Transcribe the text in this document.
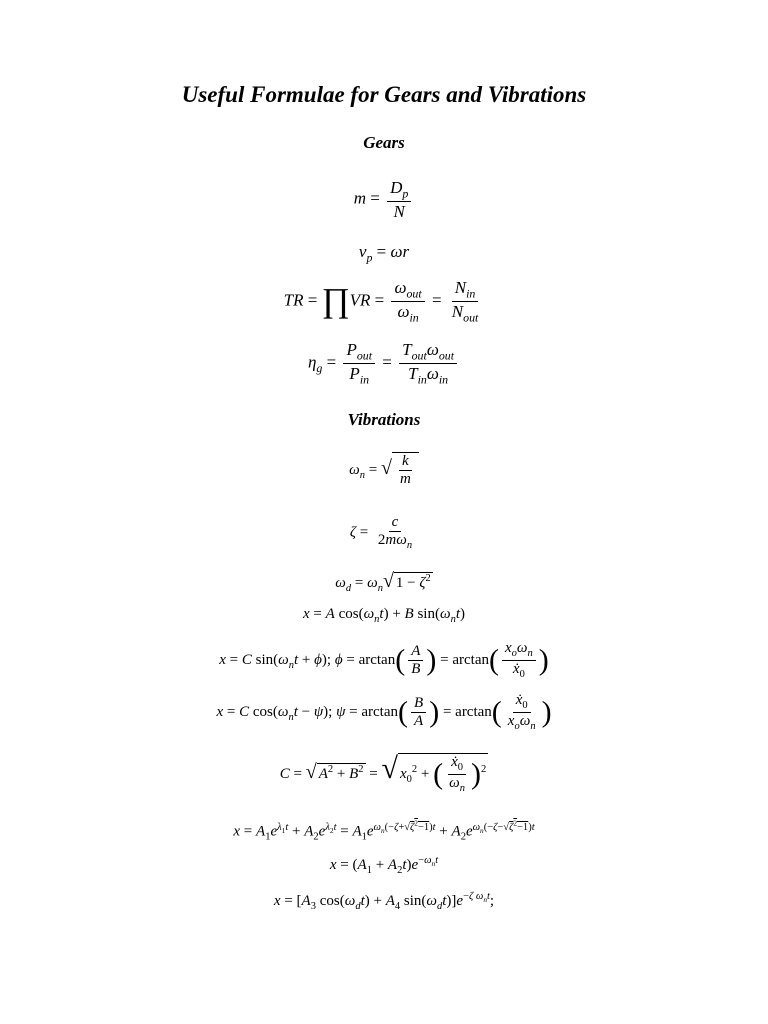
Useful Formulae for Gears and Vibrations
Gears
$m = \frac{D_p}{N}$
$v_p = \omega r$
TR = ∏VR = $\frac{\omega_{out}}{\omega_{in}} = \frac{N_{in}}{N_{out}}$
$\eta_g = \frac{P_{out}}{P_{in}} = \frac{T_{out}\omega_{out}}{T_{in}\omega_{in}}$
Vibrations
$\omega_n$ = √ $\frac{k}{m}$
$\zeta = \frac{c}{2m\omega_n}$
$\omega_d = \omega_n√$ $1 - \zeta^2$
x = A $\cos(\omega_nt) + B$ $\sin(\omega_nt)$
x = C $\sin(\omega_nt + \phi)$; $\phi = \arctan( \frac{A}{B}$ ) = $\arctan( \frac{x_o\omega_n}{ẋ_0}$ )
x = C $\cos(\omega_nt - \psi)$; $\psi = \arctan( \frac{B}{A}$ ) = $\arctan( \frac{ẋ_0}{x_o\omega_n}$ )
C = √ $A^2 + B^2$ = √ $x_0^2$ + ( $\frac{ẋ_0}{\omega_n} )^2$
$x = A_1e^{\lambda_1t} + A_2e^{\lambda_2t} = A_1e^{\omega_n(-\zeta+√\zeta^2-1)t} + A_2e^{\omega_n(-\zeta-√\zeta^2-1)t}$
$x = (A_1 + A_2t)e^{-\omega_nt}$
$x = [A_3$ $\cos(\omega_dt) + A_4$ $\sin(\omega_dt)]e^{-\zeta \omega_nt}$;
